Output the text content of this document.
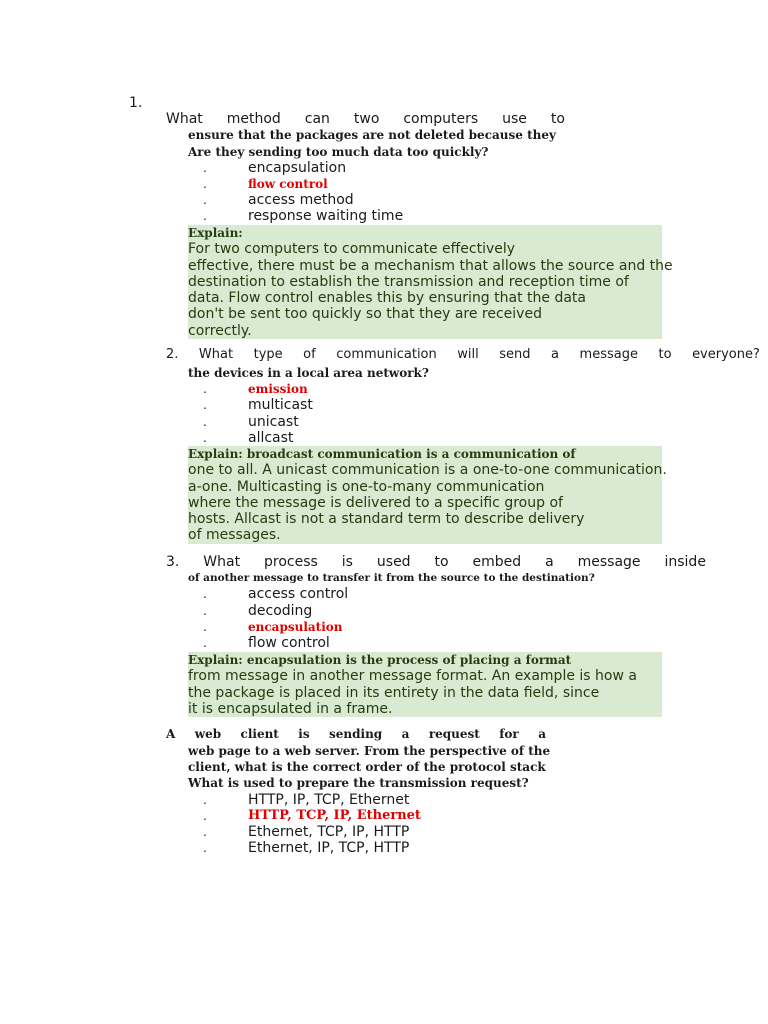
1.
What method can two computers use to
ensure that the packages are not deleted because they
Are they sending too much data too quickly?
.	encapsulation
.	flow control
.	access method
.	response waiting time
Explain:
For two computers to communicate effectively
effective, there must be a mechanism that allows the source and the
destination to establish the transmission and reception time of
data. Flow control enables this by ensuring that the data
don't be sent too quickly so that they are received
correctly.
2. What type of communication will send a message to everyone?
the devices in a local area network?
.	emission
.	multicast
.	unicast
.	allcast
Explain: broadcast communication is a communication of
one to all. A unicast communication is a one-to-one communication.
a-one. Multicasting is one-to-many communication
where the message is delivered to a specific group of
hosts. Allcast is not a standard term to describe delivery
of messages.
3. What process is used to embed a message inside
of another message to transfer it from the source to the destination?
.	access control
.	decoding
.	encapsulation
.	flow control
Explain: encapsulation is the process of placing a format
from message in another message format. An example is how a
the package is placed in its entirety in the data field, since
it is encapsulated in a frame.
A web client is sending a request for a
web page to a web server. From the perspective of the
client, what is the correct order of the protocol stack
What is used to prepare the transmission request?
.	HTTP, IP, TCP, Ethernet
.	HTTP, TCP, IP, Ethernet
.	Ethernet, TCP, IP, HTTP
.	Ethernet, IP, TCP, HTTP
